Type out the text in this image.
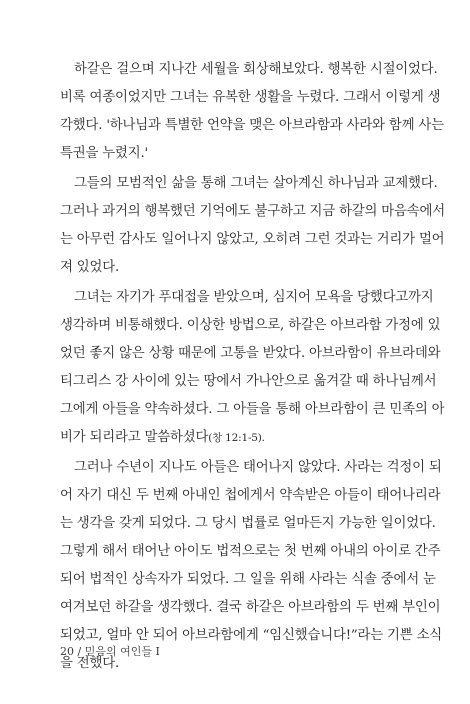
하갈은 걸으며 지나간 세월을 회상해보았다. 행복한 시절이었다.
비록 여종이었지만 그녀는 유복한 생활을 누렸다. 그래서 이렇게 생
각했다. '하나님과 특별한 언약을 맺은 아브라함과 사라와 함께 사는
특권을 누렸지.'
그들의 모범적인 삶을 통해 그녀는 살아계신 하나님과 교제했다.
그러나 과거의 행복했던 기억에도 불구하고 지금 하갈의 마음속에서
는 아무런 감사도 일어나지 않았고, 오히려 그런 것과는 거리가 멀어
져 있었다.
그녀는 자기가 푸대접을 받았으며, 심지어 모욕을 당했다고까지
생각하며 비통해했다. 이상한 방법으로, 하갈은 아브라함 가정에 있
었던 좋지 않은 상황 때문에 고통을 받았다. 아브라함이 유브라데와
티그리스 강 사이에 있는 땅에서 가나안으로 옮겨갈 때 하나님께서
그에게 아들을 약속하셨다. 그 아들을 통해 아브라함이 큰 민족의 아
비가 되리라고 말씀하셨다(창 12:1-5).
그러나 수년이 지나도 아들은 태어나지 않았다. 사라는 걱정이 되
어 자기 대신 두 번째 아내인 첩에게서 약속받은 아들이 태어나리라
는 생각을 갖게 되었다. 그 당시 법률로 얼마든지 가능한 일이었다.
그렇게 해서 태어난 아이도 법적으로는 첫 번째 아내의 아이로 간주
되어 법적인 상속자가 되었다. 그 일을 위해 사라는 식솔 중에서 눈
여겨보던 하갈을 생각했다. 결국 하갈은 아브라함의 두 번째 부인이
되었고, 얼마 안 되어 아브라함에게 “임신했습니다!”라는 기쁜 소식
을 전했다.
20 / 믿음의 여인들 I
